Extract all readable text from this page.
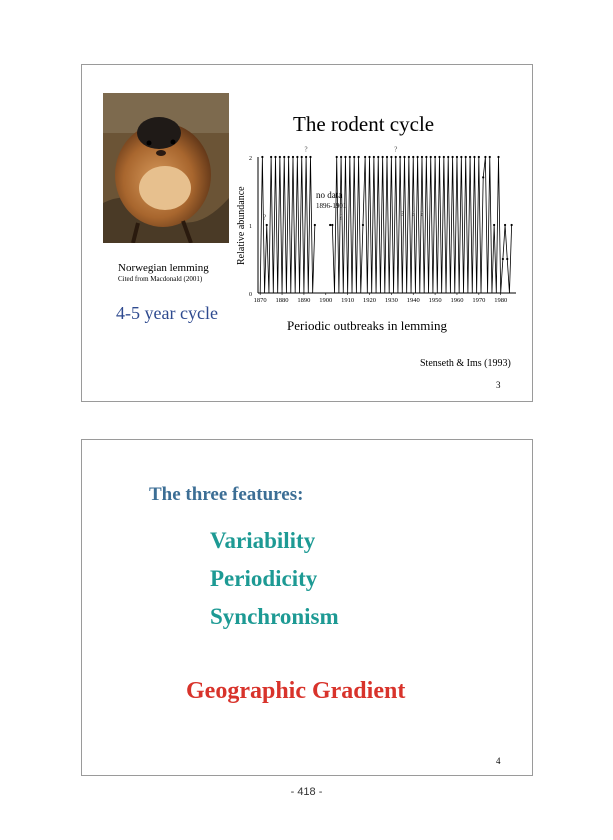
Norwegian lemming
Cited from Macdonald (2001)
4-5 year cycle
The rodent cycle
Relative abundance ?
?
?
?
? ? ?
0
1
2
1870 1880 1890 1900 1910 1920 1930 1940 1950 1960 1970 1980
no data
1896-1901
Periodic outbreaks in lemming
Stenseth & Ims (1993)
3
The three features:
Variability
Periodicity
Synchronism
Geographic Gradient
4
- 418 -
